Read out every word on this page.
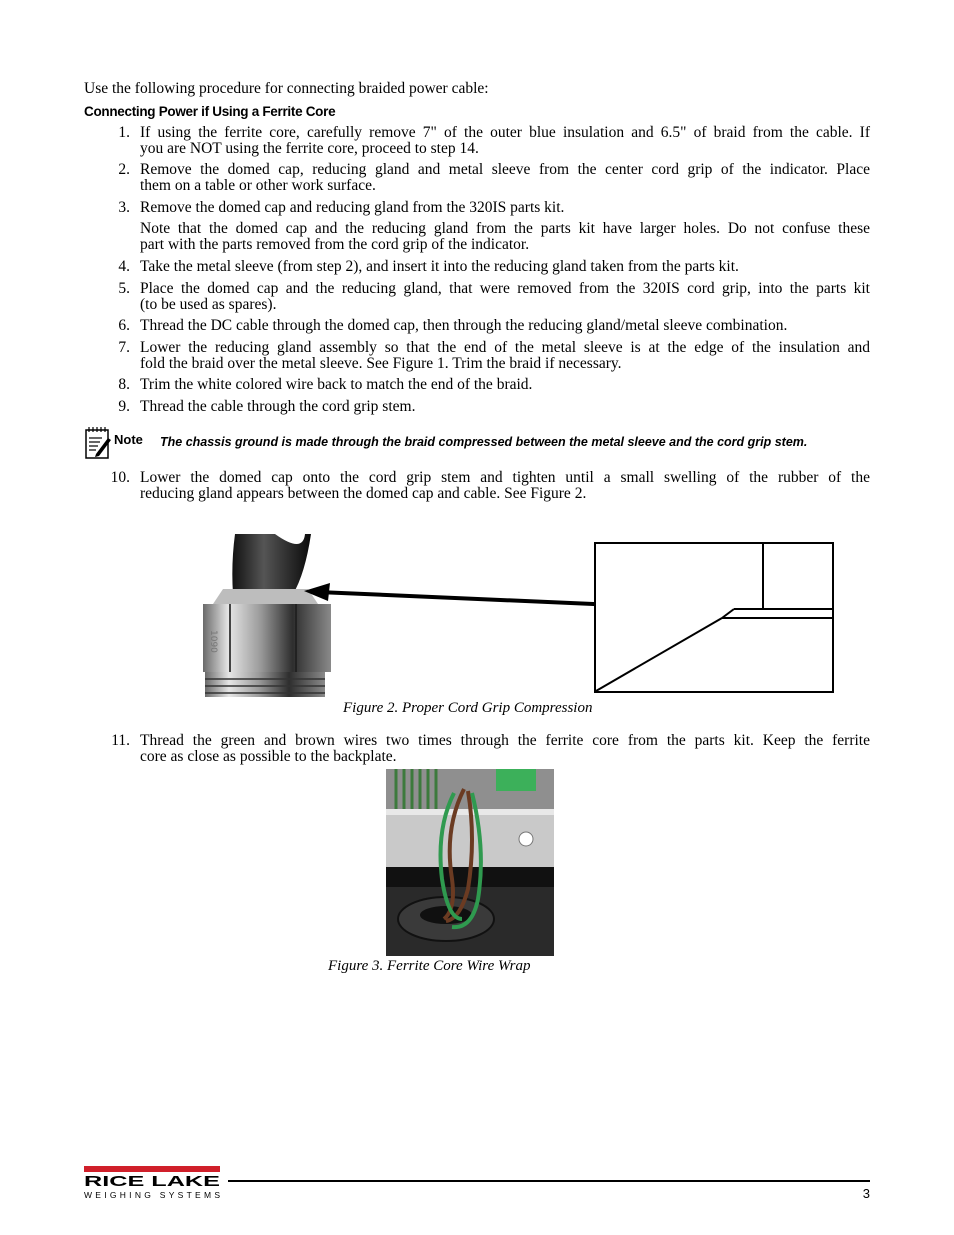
Use the following procedure for connecting braided power cable:
Connecting Power if Using a Ferrite Core
1. If using the ferrite core, carefully remove 7" of the outer blue insulation and 6.5" of braid from the cable. If
you are NOT using the ferrite core, proceed to step 14.
2. Remove the domed cap, reducing gland and metal sleeve from the center cord grip of the indicator. Place
them on a table or other work surface.
3. Remove the domed cap and reducing gland from the 320IS parts kit.
Note that the domed cap and the reducing gland from the parts kit have larger holes. Do not confuse these
part with the parts removed from the cord grip of the indicator.
4. Take the metal sleeve (from step 2), and insert it into the reducing gland taken from the parts kit.
5. Place the domed cap and the reducing gland, that were removed from the 320IS cord grip, into the parts kit
(to be used as spares).
6. Thread the DC cable through the domed cap, then through the reducing gland/metal sleeve combination.
7. Lower the reducing gland assembly so that the end of the metal sleeve is at the edge of the insulation and
fold the braid over the metal sleeve. See Figure 1. Trim the braid if necessary.
8. Trim the white colored wire back to match the end of the braid.
9. Thread the cable through the cord grip stem.
Note The chassis ground is made through the braid compressed between the metal sleeve and the cord grip stem.
10. Lower the domed cap onto the cord grip stem and tighten until a small swelling of the rubber of the
reducing gland appears between the domed cap and cable. See Figure 2.
1090
Figure 2. Proper Cord Grip Compression
11. Thread the green and brown wires two times through the ferrite core from the parts kit. Keep the ferrite
core as close as possible to the backplate.
Figure 3. Ferrite Core Wire Wrap
RICE LAKE
WEIGHING SYSTEMS	3
